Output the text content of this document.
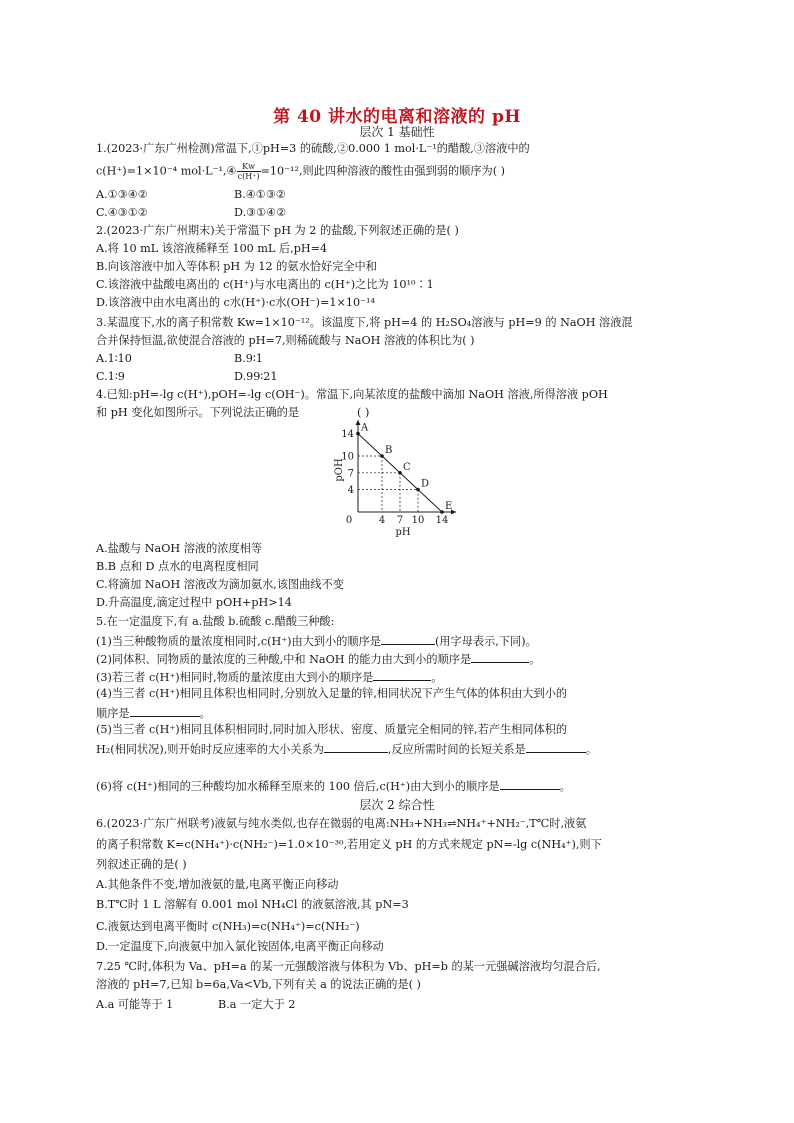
第 40 讲水的电离和溶液的 pH
层次 1 基础性
1.(2023·广东广州检测)常温下,①pH=3 的硫酸,②0.000 1 mol·L⁻¹的醋酸,③溶液中的
c(H⁺)=1×10⁻⁴ mol·L⁻¹,④ $\frac{Kw}{c(H^+)} =10^{-12}$,则此四种溶液的酸性由强到弱的顺序为( )
A.①③④②	B.④①③②
C.④③①②	D.③①④②
2.(2023·广东广州期末)关于常温下 pH 为 2 的盐酸,下列叙述正确的是( )
A.将 10 mL 该溶液稀释至 100 mL 后,pH=4
B.向该溶液中加入等体积 pH 为 12 的氨水恰好完全中和
C.该溶液中盐酸电离出的 c(H⁺)与水电离出的 c(H⁺)之比为 10¹⁰∶1
D.该溶液中由水电离出的 c水(H⁺)·c水(OH⁻)=1×10⁻¹⁴
3.某温度下,水的离子积常数 Kw=1×10⁻¹²。该温度下,将 pH=4 的 H₂SO₄溶液与 pH=9 的 NaOH 溶液混
合并保持恒温,欲使混合溶液的 pH=7,则稀硫酸与 NaOH 溶液的体积比为( )
A.1∶10	B.9∶1
C.1∶9	D.99∶21
4.已知:pH=-lg c(H⁺),pOH=-lg c(OH⁻)。常温下,向某浓度的盐酸中滴加 NaOH 溶液,所得溶液 pOH
和 pH 变化如图所示。下列说法正确的是	( )
A
B
C
D
E
0	4 7 10 14
4
7
10
14
pH
pOH
A.盐酸与 NaOH 溶液的浓度相等
B.B 点和 D 点水的电离程度相同
C.将滴加 NaOH 溶液改为滴加氨水,该图曲线不变
D.升高温度,滴定过程中 pOH+pH>14
5.在一定温度下,有 a.盐酸 b.硫酸 c.醋酸三种酸:
(1)当三种酸物质的量浓度相同时,c(H⁺)由大到小的顺序是	(用字母表示,下同)。
(2)同体积、同物质的量浓度的三种酸,中和 NaOH 的能力由大到小的顺序是	。
(3)若三者 c(H⁺)相同时,物质的量浓度由大到小的顺序是	。
(4)当三者 c(H⁺)相同且体积也相同时,分别放入足量的锌,相同状况下产生气体的体积由大到小的
顺序是	。
(5)当三者 c(H⁺)相同且体积相同时,同时加入形状、密度、质量完全相同的锌,若产生相同体积的
H₂(相同状况),则开始时反应速率的大小关系为	,反应所需时间的长短关系是	。
(6)将 c(H⁺)相同的三种酸均加水稀释至原来的 100 倍后,c(H⁺)由大到小的顺序是	。
层次 2 综合性
6.(2023·广东广州联考)液氨与纯水类似,也存在微弱的电离:NH₃+NH₃⇌NH₄⁺+NH₂⁻,T℃时,液氨
的离子积常数 K=c(NH₄⁺)·c(NH₂⁻)=1.0×10⁻³⁰,若用定义 pH 的方式来规定 pN=-lg c(NH₄⁺),则下
列叙述正确的是( )
A.其他条件不变,增加液氨的量,电离平衡正向移动
B.T℃时 1 L 溶解有 0.001 mol NH₄Cl 的液氨溶液,其 pN=3
C.液氨达到电离平衡时 c(NH₃)=c(NH₄⁺)=c(NH₂⁻)
D.一定温度下,向液氨中加入氯化铵固体,电离平衡正向移动
7.25 ℃时,体积为 Va、pH=a 的某一元强酸溶液与体积为 Vb、pH=b 的某一元强碱溶液均匀混合后,
溶液的 pH=7,已知 b=6a,Va<Vb,下列有关 a 的说法正确的是( )
A.a 可能等于 1	B.a 一定大于 2
